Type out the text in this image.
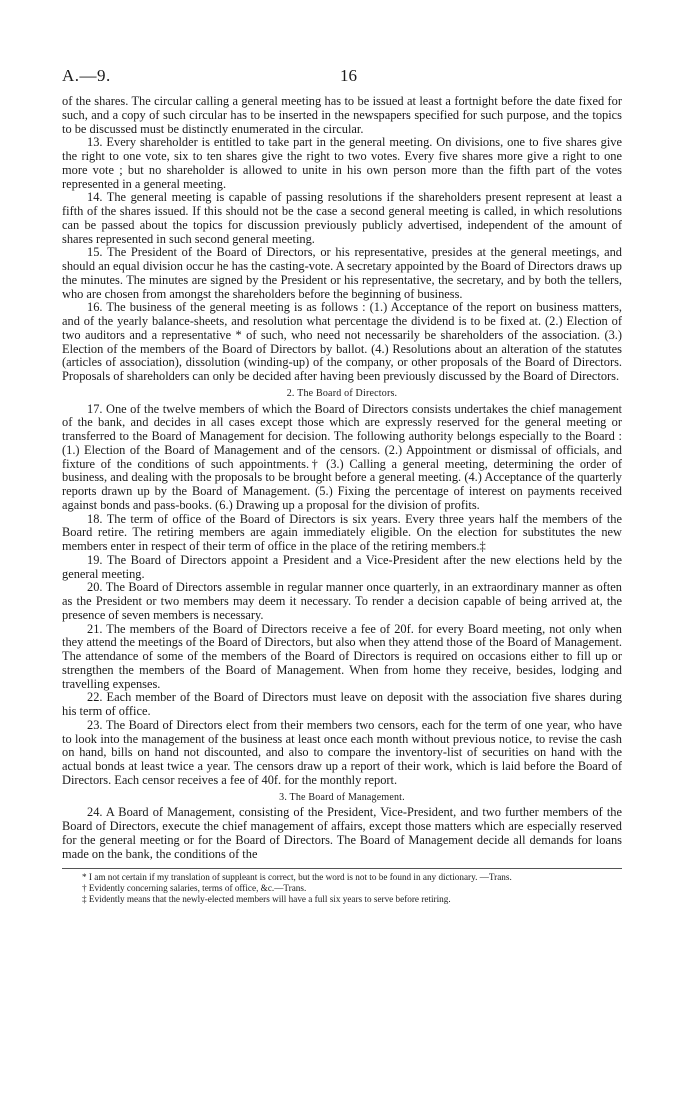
A.—9.	16

of the shares. The circular calling a general meeting has to be issued at least a fortnight before the date fixed for such, and a copy of such circular has to be inserted in the newspapers specified for such purpose, and the topics to be discussed must be distinctly enumerated in the circular.

13. Every shareholder is entitled to take part in the general meeting. On divisions, one to five shares give the right to one vote, six to ten shares give the right to two votes. Every five shares more give a right to one more vote ; but no shareholder is allowed to unite in his own person more than the fifth part of the votes represented in a general meeting.

14. The general meeting is capable of passing resolutions if the shareholders present represent at least a fifth of the shares issued. If this should not be the case a second general meeting is called, in which resolutions can be passed about the topics for discussion previously publicly advertised, independent of the amount of shares represented in such second general meeting.

15. The President of the Board of Directors, or his representative, presides at the general meetings, and should an equal division occur he has the casting-vote. A secretary appointed by the Board of Directors draws up the minutes. The minutes are signed by the President or his representative, the secretary, and by both the tellers, who are chosen from amongst the shareholders before the beginning of business.

16. The business of the general meeting is as follows : (1.) Acceptance of the report on business matters, and of the yearly balance-sheets, and resolution what percentage the dividend is to be fixed at. (2.) Election of two auditors and a representative * of such, who need not necessarily be shareholders of the association. (3.) Election of the members of the Board of Directors by ballot. (4.) Resolutions about an alteration of the statutes (articles of association), dissolution (winding-up) of the company, or other proposals of the Board of Directors. Proposals of shareholders can only be decided after having been previously discussed by the Board of Directors.

2. The Board of Directors.

17. One of the twelve members of which the Board of Directors consists undertakes the chief management of the bank, and decides in all cases except those which are expressly reserved for the general meeting or transferred to the Board of Management for decision. The following authority belongs especially to the Board : (1.) Election of the Board of Management and of the censors. (2.) Appointment or dismissal of officials, and fixture of the conditions of such appointments.† (3.) Calling a general meeting, determining the order of business, and dealing with the proposals to be brought before a general meeting. (4.) Acceptance of the quarterly reports drawn up by the Board of Management. (5.) Fixing the percentage of interest on payments received against bonds and pass-books. (6.) Drawing up a proposal for the division of profits.

18. The term of office of the Board of Directors is six years. Every three years half the members of the Board retire. The retiring members are again immediately eligible. On the election for substitutes the new members enter in respect of their term of office in the place of the retiring members.‡

19. The Board of Directors appoint a President and a Vice-President after the new elections held by the general meeting.

20. The Board of Directors assemble in regular manner once quarterly, in an extraordinary manner as often as the President or two members may deem it necessary. To render a decision capable of being arrived at, the presence of seven members is necessary.

21. The members of the Board of Directors receive a fee of 20f. for every Board meeting, not only when they attend the meetings of the Board of Directors, but also when they attend those of the Board of Management. The attendance of some of the members of the Board of Directors is required on occasions either to fill up or strengthen the members of the Board of Management. When from home they receive, besides, lodging and travelling expenses.

22. Each member of the Board of Directors must leave on deposit with the association five shares during his term of office.

23. The Board of Directors elect from their members two censors, each for the term of one year, who have to look into the management of the business at least once each month without previous notice, to revise the cash on hand, bills on hand not discounted, and also to compare the inventory-list of securities on hand with the actual bonds at least twice a year. The censors draw up a report of their work, which is laid before the Board of Directors. Each censor receives a fee of 40f. for the monthly report.

3. The Board of Management.

24. A Board of Management, consisting of the President, Vice-President, and two further members of the Board of Directors, execute the chief management of affairs, except those matters which are especially reserved for the general meeting or for the Board of Directors. The Board of Management decide all demands for loans made on the bank, the conditions of the

* I am not certain if my translation of suppleant is correct, but the word is not to be found in any dictionary. —Trans.

† Evidently concerning salaries, terms of office, &c.—Trans.

‡ Evidently means that the newly-elected members will have a full six years to serve before retiring.
